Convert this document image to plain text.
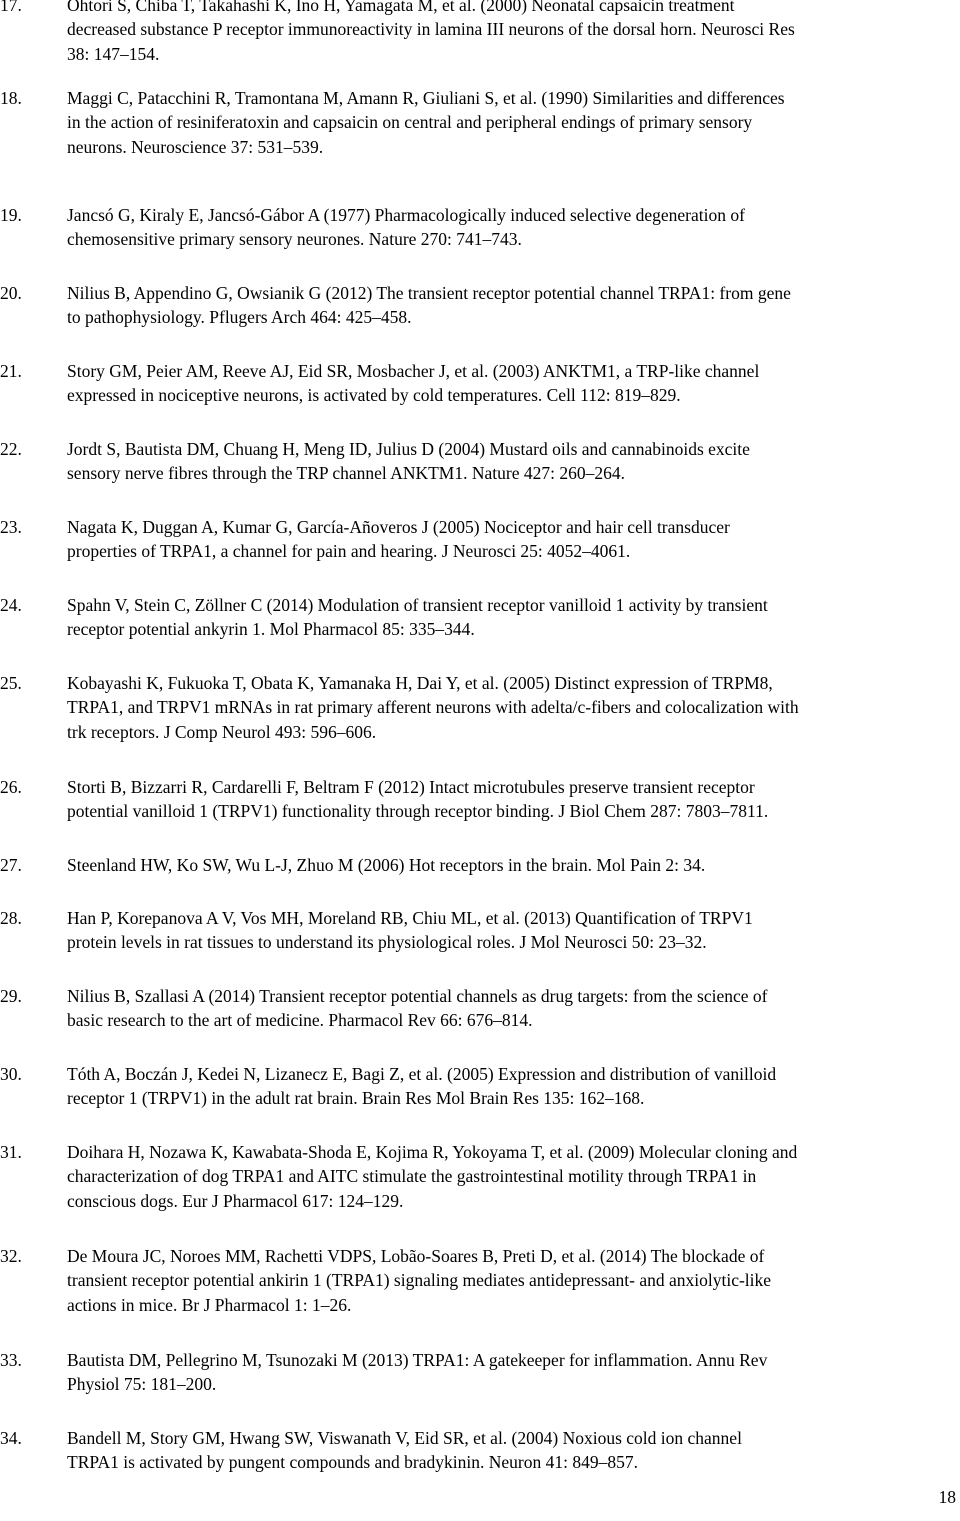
17.	Ohtori S, Chiba T, Takahashi K, Ino H, Yamagata M, et al. (2000) Neonatal capsaicin treatment
decreased substance P receptor immunoreactivity in lamina III neurons of the dorsal horn. Neurosci Res
38: 147–154.
18.	Maggi C, Patacchini R, Tramontana M, Amann R, Giuliani S, et al. (1990) Similarities and differences
in the action of resiniferatoxin and capsaicin on central and peripheral endings of primary sensory
neurons. Neuroscience 37: 531–539.
19.	Jancsó G, Kiraly E, Jancsó-Gábor A (1977) Pharmacologically induced selective degeneration of
chemosensitive primary sensory neurones. Nature 270: 741–743.
20.	Nilius B, Appendino G, Owsianik G (2012) The transient receptor potential channel TRPA1: from gene
to pathophysiology. Pflugers Arch 464: 425–458.
21.	Story GM, Peier AM, Reeve AJ, Eid SR, Mosbacher J, et al. (2003) ANKTM1, a TRP-like channel
expressed in nociceptive neurons, is activated by cold temperatures. Cell 112: 819–829.
22.	Jordt S, Bautista DM, Chuang H, Meng ID, Julius D (2004) Mustard oils and cannabinoids excite
sensory nerve fibres through the TRP channel ANKTM1. Nature 427: 260–264.
23.	Nagata K, Duggan A, Kumar G, García-Añoveros J (2005) Nociceptor and hair cell transducer
properties of TRPA1, a channel for pain and hearing. J Neurosci 25: 4052–4061.
24.	Spahn V, Stein C, Zöllner C (2014) Modulation of transient receptor vanilloid 1 activity by transient
receptor potential ankyrin 1. Mol Pharmacol 85: 335–344.
25.	Kobayashi K, Fukuoka T, Obata K, Yamanaka H, Dai Y, et al. (2005) Distinct expression of TRPM8,
TRPA1, and TRPV1 mRNAs in rat primary afferent neurons with adelta/c-fibers and colocalization with
trk receptors. J Comp Neurol 493: 596–606.
26.	Storti B, Bizzarri R, Cardarelli F, Beltram F (2012) Intact microtubules preserve transient receptor
potential vanilloid 1 (TRPV1) functionality through receptor binding. J Biol Chem 287: 7803–7811.
27.	Steenland HW, Ko SW, Wu L-J, Zhuo M (2006) Hot receptors in the brain. Mol Pain 2: 34.
28.	Han P, Korepanova A V, Vos MH, Moreland RB, Chiu ML, et al. (2013) Quantification of TRPV1
protein levels in rat tissues to understand its physiological roles. J Mol Neurosci 50: 23–32.
29.	Nilius B, Szallasi A (2014) Transient receptor potential channels as drug targets: from the science of
basic research to the art of medicine. Pharmacol Rev 66: 676–814.
30.	Tóth A, Boczán J, Kedei N, Lizanecz E, Bagi Z, et al. (2005) Expression and distribution of vanilloid
receptor 1 (TRPV1) in the adult rat brain. Brain Res Mol Brain Res 135: 162–168.
31.	Doihara H, Nozawa K, Kawabata-Shoda E, Kojima R, Yokoyama T, et al. (2009) Molecular cloning and
characterization of dog TRPA1 and AITC stimulate the gastrointestinal motility through TRPA1 in
conscious dogs. Eur J Pharmacol 617: 124–129.
32.	De Moura JC, Noroes MM, Rachetti VDPS, Lobão-Soares B, Preti D, et al. (2014) The blockade of
transient receptor potential ankirin 1 (TRPA1) signaling mediates antidepressant- and anxiolytic-like
actions in mice. Br J Pharmacol 1: 1–26.
33.	Bautista DM, Pellegrino M, Tsunozaki M (2013) TRPA1: A gatekeeper for inflammation. Annu Rev
Physiol 75: 181–200.
34.	Bandell M, Story GM, Hwang SW, Viswanath V, Eid SR, et al. (2004) Noxious cold ion channel
TRPA1 is activated by pungent compounds and bradykinin. Neuron 41: 849–857.
18
